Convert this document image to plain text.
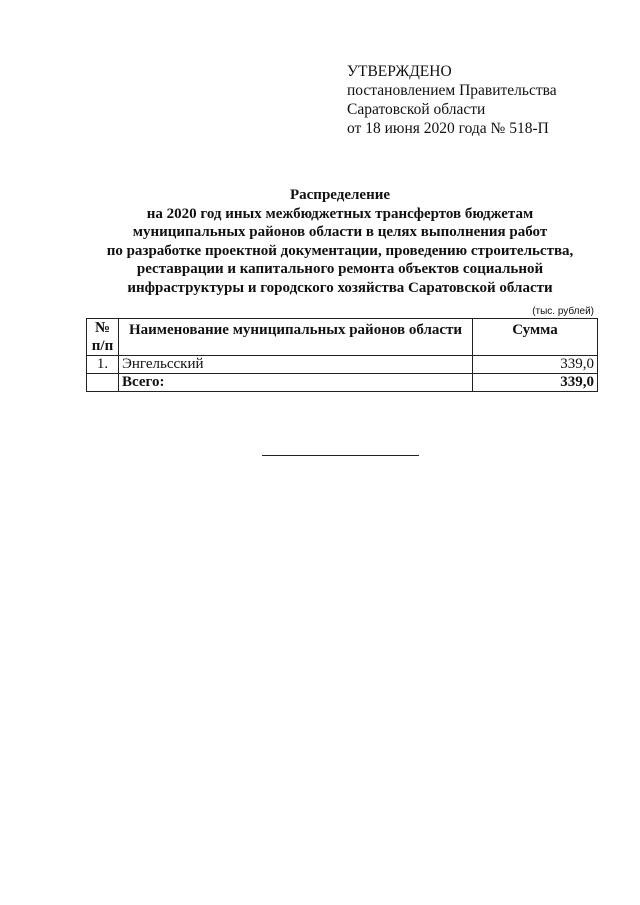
УТВЕРЖДЕНО
постановлением Правительства
Саратовской области
от 18 июня 2020 года № 518-П
Распределение
на 2020 год иных межбюджетных трансфертов бюджетам
муниципальных районов области в целях выполнения работ
по разработке проектной документации, проведению строительства,
реставрации и капитального ремонта объектов социальной
инфраструктуры и городского хозяйства Саратовской области
(тыс. рублей)
№
п/п	Наименование муниципальных районов области	Сумма

1.	Энгельсский	339,0
	Всего:	339,0
